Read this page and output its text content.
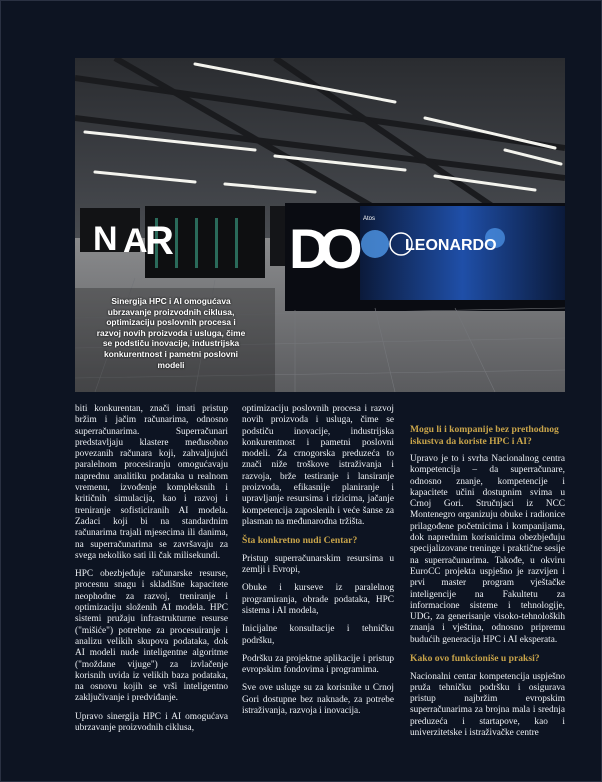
N A
R D
O	LEONARDO
Atos
Sinergija HPC i AI omogućava ubrzavanje proizvodnih ciklusa, optimizaciju poslovnih procesa i razvoj novih proizvoda i usluga, čime se podstiču inovacije, industrijska konkurentnost i pametni poslovni modeli

biti konkurentan, znači imati pristup bržim i jačim računarima, odnosno superračunarima. Superračunari predstavljaju klastere međusobno povezanih računara koji, zahvaljujući paralelnom procesiranju omogućavaju naprednu analitiku podataka u realnom vremenu, izvođenje kompleksnih i kritičnih simulacija, kao i razvoj i treniranje sofisticiranih AI modela. Zadaci koji bi na standardnim računarima trajali mjesecima ili danima, na superračunarima se završavaju za svega nekoliko sati ili čak milisekundi.

HPC obezbjeđuje računarske resurse, procesnu snagu i skladišne kapacitete neophodne za razvoj, treniranje i optimizaciju složenih AI modela. HPC sistemi pružaju infrastrukturne resurse ("mišiće") potrebne za procesuiranje i analizu velikih skupova podataka, dok AI modeli nude inteligentne algoritme ("moždane vijuge") za izvlačenje korisnih uvida iz velikih baza podataka, na osnovu kojih se vrši inteligentno zaključivanje i predviđanje.

Upravo sinergija HPC i AI omogućava ubrzavanje proizvodnih ciklusa,

optimizaciju poslovnih procesa i razvoj novih proizvoda i usluga, čime se podstiču inovacije, industrijska konkurentnost i pametni poslovni modeli. Za crnogorska preduzeća to znači niže troškove istraživanja i razvoja, brže testiranje i lansiranje proizvoda, efikasnije planiranje i upravljanje resursima i rizicima, jačanje kompetencija zaposlenih i veće šanse za plasman na međunarodna tržišta.

Šta konkretno nudi Centar?

Pristup superračunarskim resursima u zemlji i Evropi,

Obuke i kurseve iz paralelnog programiranja, obrade podataka, HPC sistema i AI modela,

Inicijalne konsultacije i tehničku podršku,

Podršku za projektne aplikacije i pristup evropskim fondovima i programima.

Sve ove usluge su za korisnike u Crnoj Gori dostupne bez naknade, za potrebe istraživanja, razvoja i inovacija.

Mogu li i kompanije bez prethodnog iskustva da koriste HPC i AI?

Upravo je to i svrha Nacionalnog centra kompetencija – da superračunare, odnosno znanje, kompetencije i kapacitete učini dostupnim svima u Crnoj Gori. Stručnjaci iz NCC Montenegro organizuju obuke i radionice prilagođene početnicima i kompanijama, dok naprednim korisnicima obezbjeđuju specijalizovane treninge i praktične sesije na superračunarima. Takođe, u okviru EuroCC projekta uspješno je razvijen i prvi master program vještačke inteligencije na Fakultetu za informacione sisteme i tehnologije, UDG, za generisanje visoko-tehnoloških znanja i vještina, odnosno pripremu budućih generacija HPC i AI eksperata.

Kako ovo funkcioniše u praksi?

Nacionalni centar kompetencija uspješno pruža tehničku podršku i osigurava pristup najbržim evropskim superračunarima za brojna mala i srednja preduzeća i startapove, kao i univerzitetske i istraživačke centre
